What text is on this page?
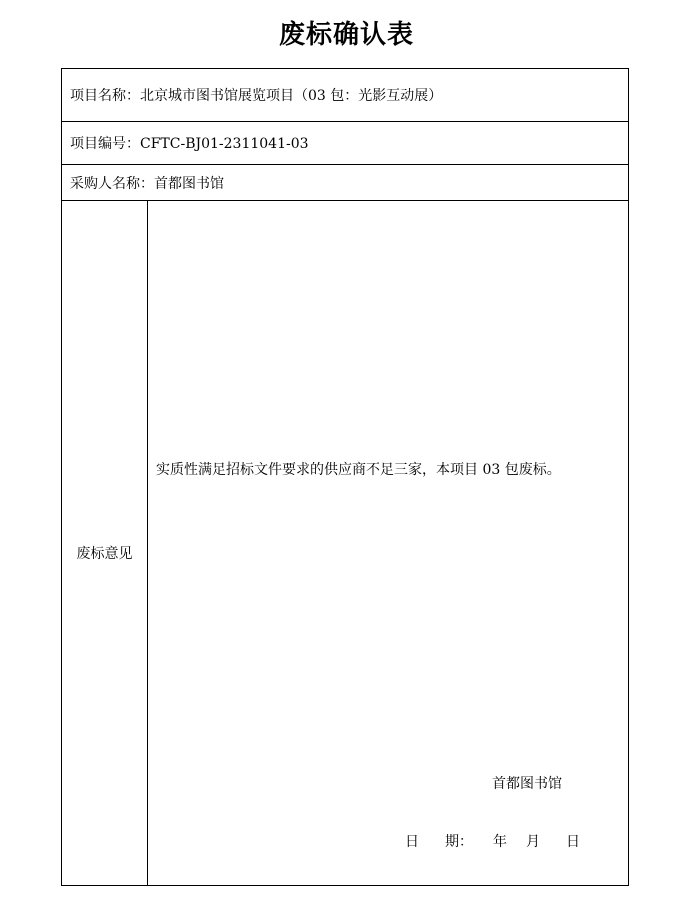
废标确认表
项目名称：北京城市图书馆展览项目（03 包：光影互动展）
项目编号：CFTC-BJ01-2311041-03
采购人名称：首都图书馆
废标意见
实质性满足招标文件要求的供应商不足三家，本项目 03 包废标。
首都图书馆
日 期： 年 月 日
